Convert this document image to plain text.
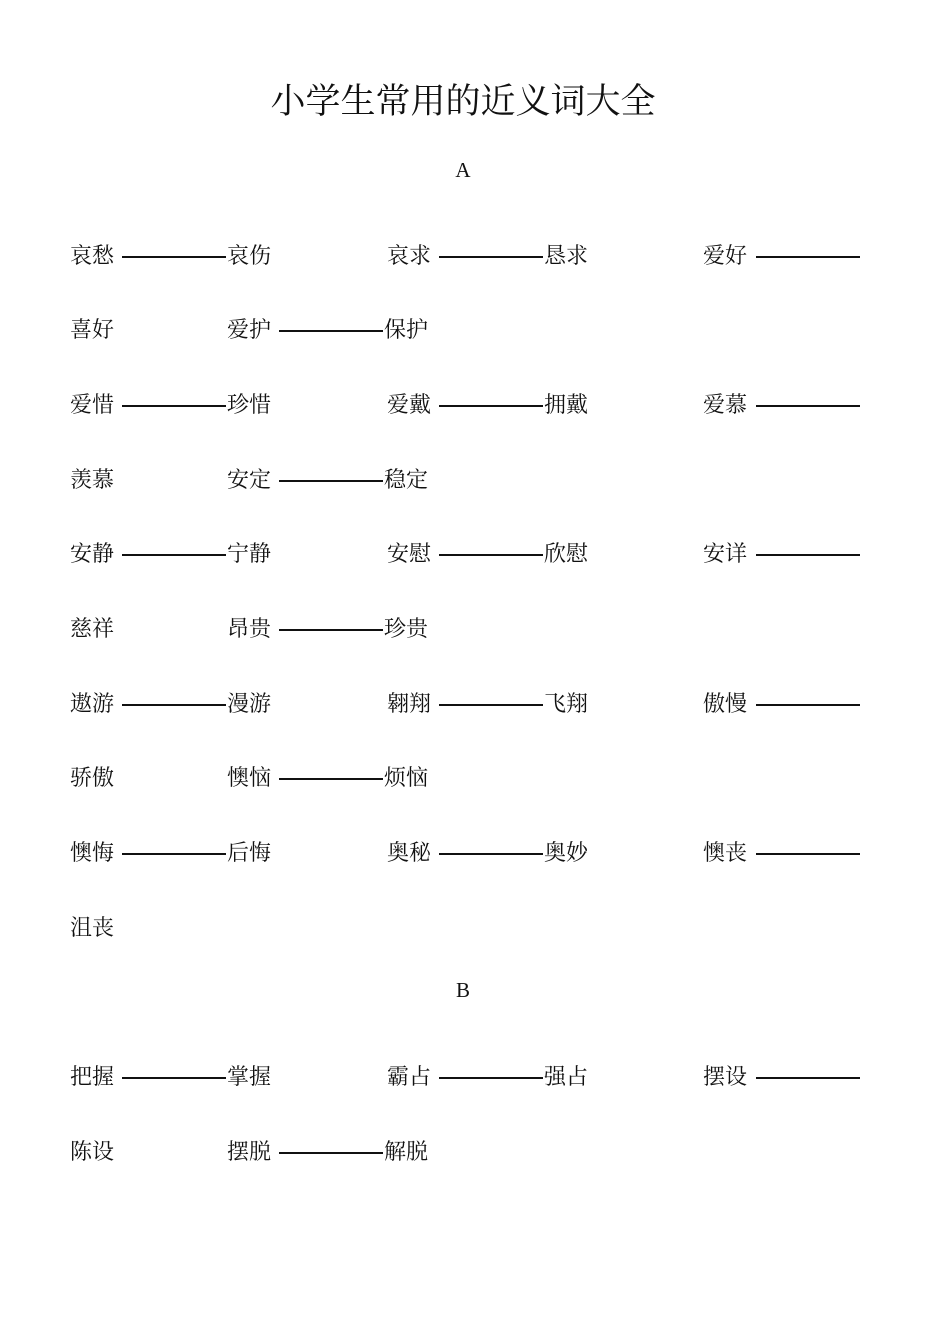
小学生常用的近义词大全
A
哀愁	哀伤	哀求	恳求	爱好
喜好	爱护	保护
爱惜	珍惜	爱戴	拥戴	爱慕
羡慕	安定	稳定
安静	宁静	安慰	欣慰	安详
慈祥	昂贵	珍贵
遨游	漫游	翱翔	飞翔	傲慢
骄傲	懊恼	烦恼
懊悔	后悔	奥秘	奥妙	懊丧
沮丧
B
把握	掌握	霸占	强占	摆设
陈设	摆脱	解脱
